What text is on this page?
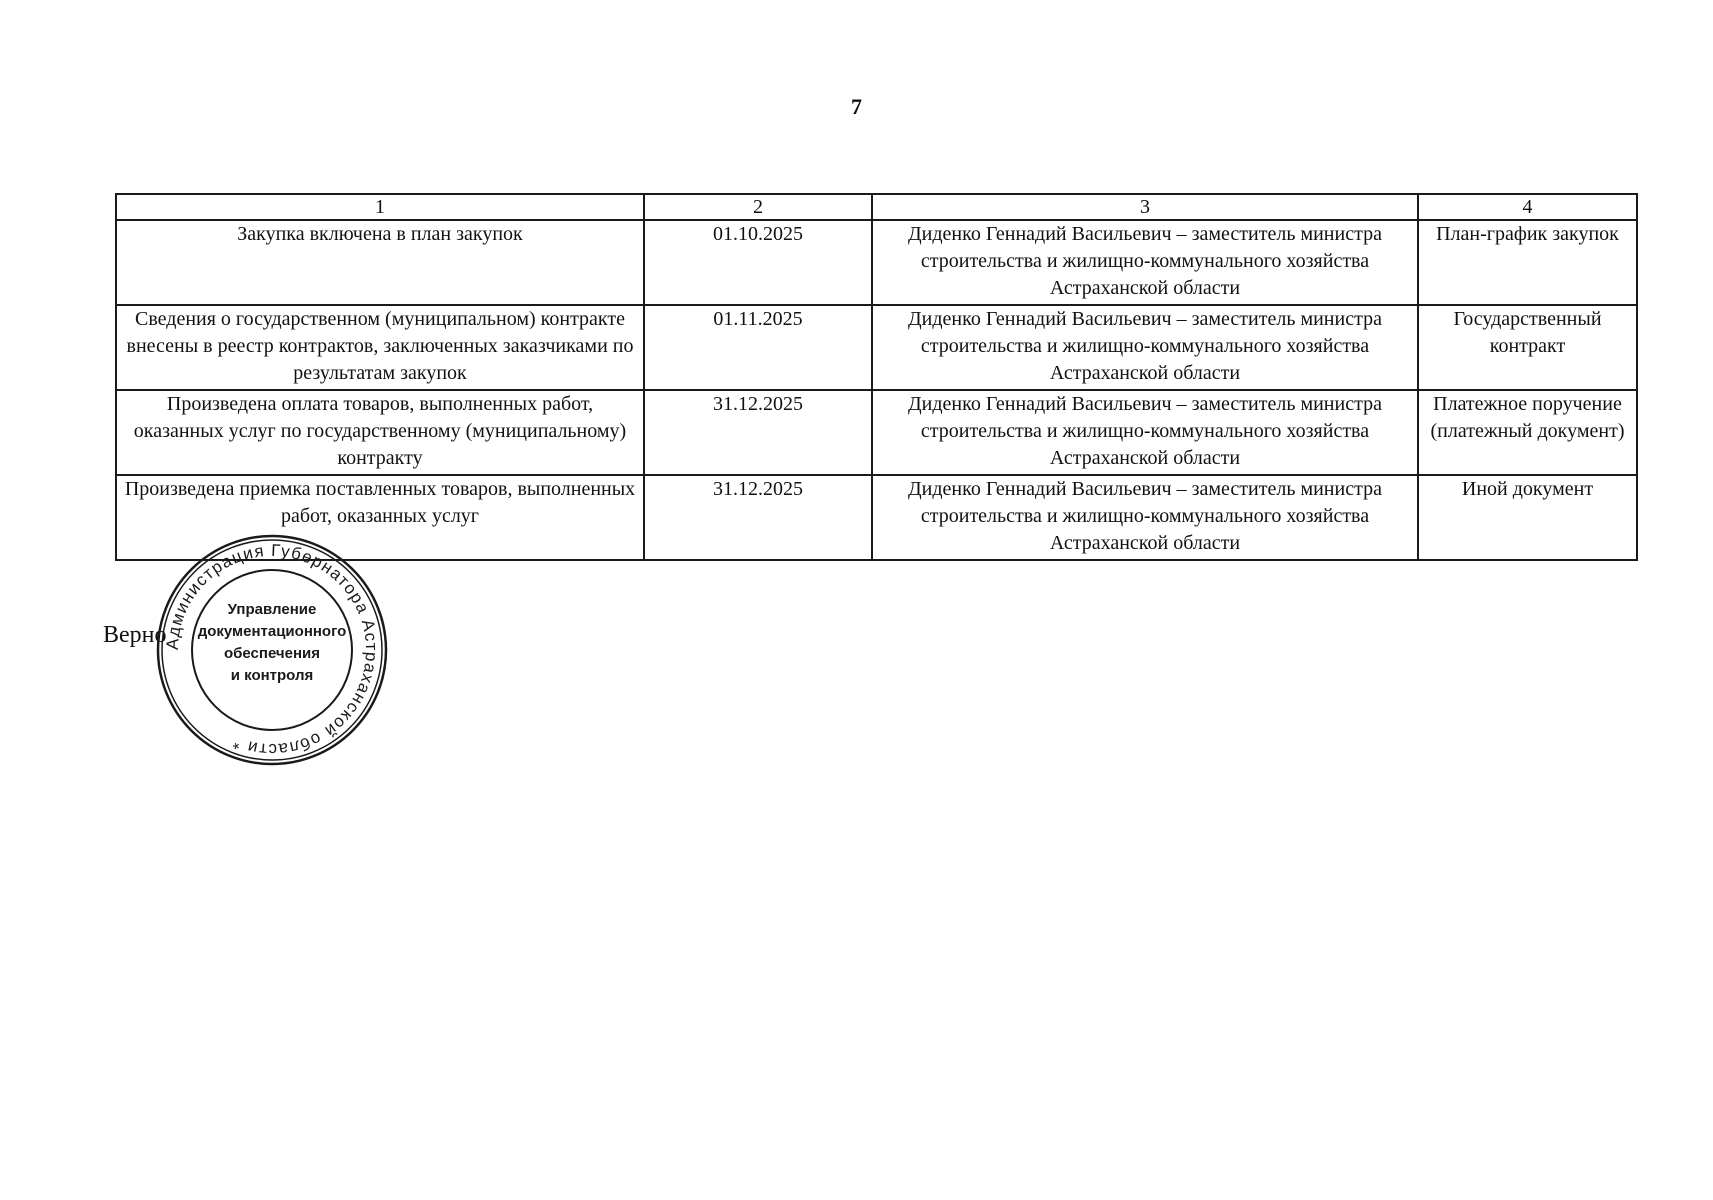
7
1	2	3	4
Закупка включена в план закупок	01.10.2025	Диденко Геннадий Васильевич – заместитель министра строительства и жилищно-коммунального хозяйства Астраханской области	План-график закупок
Сведения о государственном (муниципальном) контракте внесены в реестр контрактов, заключенных заказчиками по результатам закупок	01.11.2025	Диденко Геннадий Васильевич – заместитель министра строительства и жилищно-коммунального хозяйства Астраханской области	Государственный контракт
Произведена оплата товаров, выполненных работ, оказанных услуг по государственному (муниципальному) контракту	31.12.2025	Диденко Геннадий Васильевич – заместитель министра строительства и жилищно-коммунального хозяйства Астраханской области	Платежное поручение (платежный документ)
Произведена приемка поставленных товаров, выполненных работ, оказанных услуг	31.12.2025	Диденко Геннадий Васильевич – заместитель министра строительства и жилищно-коммунального хозяйства Астраханской области	Иной документ
Верно
Администрация Губернатора Астраханской области *
Управление
документационного
обеспечения
и контроля
